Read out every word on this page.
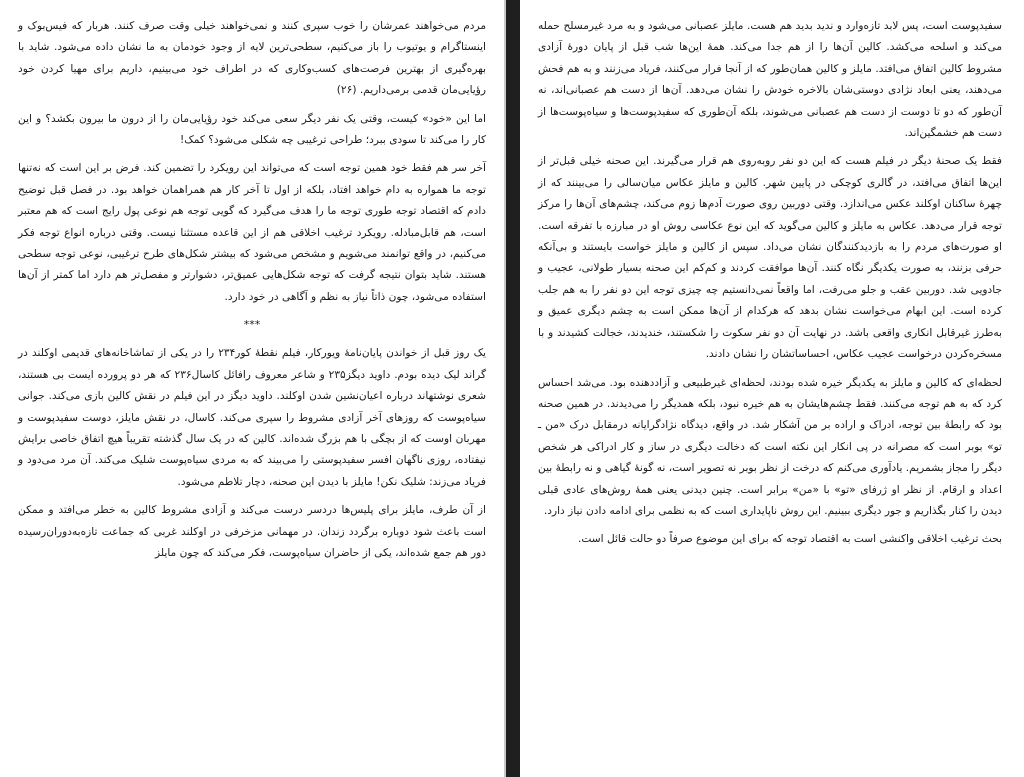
مردم می‌خواهند عمرشان را خوب سپری کنند و نمی‌خواهند خیلی وقت صرف کنند. هربار که فیس‌بوک و اینستاگرام و یوتیوب را باز می‌کنیم، سطحی‌ترین لایه از وجود خودمان به ما نشان داده می‌شود. شاید با بهره‌گیری از بهترین فرصت‌های کسب‌وکاری که در اطراف خود می‌بینیم، داریم برای مهیا کردن خود رؤیایی‌مان قدمی برمی‌داریم. (۲۶)

اما این «خود» کیست، وقتی یک نفر دیگر سعی می‌کند خود رؤیایی‌مان را از درون ما بیرون بکشد؟ و این کار را می‌کند تا سودی ببرد؛ طراحی ترغیبی چه شکلی می‌شود؟ کمک!

آخر سر هم فقط خود همین توجه است که می‌تواند این رویکرد را تضمین کند. فرض بر این است که نه‌تنها توجه ما همواره به دام خواهد افتاد، بلکه از اول تا آخر کار هم همراهمان خواهد بود. در فصل قبل توضیح دادم که اقتصاد توجه طوری توجه ما را هدف می‌گیرد که گویی توجه هم نوعی پول رایج است که هم معتبر است، هم قابل‌مبادله. رویکرد ترغیب اخلاقی هم از این قاعده مستثنا نیست. وقتی درباره انواع توجه فکر می‌کنیم، در واقع توانمند می‌شویم و مشخص می‌شود که بیشتر شکل‌های طرح ترغیبی، نوعی توجه سطحی هستند. شاید بتوان نتیجه گرفت که توجه شکل‌هایی عمیق‌تر، دشوارتر و مفصل‌تر هم دارد اما کمتر از آن‌ها استفاده می‌شود، چون ذاتاً نیاز به نظم و آگاهی در خود دارد.

***

یک روز قبل از خواندن پایان‌نامهٔ ویورکار، فیلم نقطهٔ کور۲۳۴ را در یکی از تماشاخانه‌های قدیمی اوکلند در گراند لیک دیده بودم. داوید دیگز۲۳۵ و شاعر معروف رافائل کاسال۲۳۶ که هر دو پرورده ایست بی هستند، شعری نوشتهاند درباره اعیان‌نشین شدن اوکلند. داوید دیگز در این فیلم در نقش کالین بازی می‌کند. جوانی سیاه‌پوست که روزهای آخر آزادی مشروط را سپری می‌کند. کاسال، در نقش مایلز، دوست سفیدپوست و مهربان اوست که از بچگی با هم بزرگ شده‌اند. کالین که در یک سال گذشته تقریباً هیچ اتفاق خاصی برایش نیفتاده، روزی ناگهان افسر سفیدپوستی را می‌بیند که به مردی سیاه‌پوست شلیک می‌کند. آن مرد می‌دود و فریاد می‌زند: شلیک نکن! مایلز با دیدن این صحنه، دچار تلاطم می‌شود.

از آن طرف، مایلز برای پلیس‌ها دردسر درست می‌کند و آزادی مشروط کالین به خطر می‌افتد و ممکن است باعث شود دوباره برگردد زندان. در مهمانی مزخرفی در اوکلند غربی که جماعت تازه‌به‌دوران‌رسیده دور هم جمع شده‌اند، یکی از حاضران سیاه‌پوست، فکر می‌کند که چون مایلز

سفیدپوست است، پس لابد تازه‌وارد و ندید بدید هم هست. مایلز عصبانی می‌شود و به مرد غیرمسلح حمله می‌کند و اسلحه می‌کشد. کالین آن‌ها را از هم جدا می‌کند. همهٔ این‌ها شب قبل از پایان دورهٔ آزادی مشروط کالین اتفاق می‌افتد. مایلز و کالین همان‌طور که از آنجا فرار می‌کنند، فریاد می‌زنند و به هم فحش می‌دهند، یعنی ابعاد نژادی دوستی‌شان بالاخره خودش را نشان می‌دهد. آن‌ها از دست هم عصبانی‌اند، نه آن‌طور که دو تا دوست از دست هم عصبانی می‌شوند، بلکه آن‌طوری که سفیدپوست‌ها و سیاه‌پوست‌ها از دست هم خشمگین‌اند.

فقط یک صحنهٔ دیگر در فیلم هست که این دو نفر روبه‌روی هم قرار می‌گیرند. این صحنه خیلی قبل‌تر از این‌ها اتفاق می‌افتد، در گالری کوچکی در پایین شهر. کالین و مایلز عکاس میان‌سالی را می‌بینند که از چهرهٔ ساکنان اوکلند عکس می‌اندازد. وقتی دوربین روی صورت آدم‌ها زوم می‌کند، چشم‌های آن‌ها را مرکز توجه قرار می‌دهد. عکاس به مایلز و کالین می‌گوید که این نوع عکاسی روش او در مبارزه با تفرقه است. او صورت‌های مردم را به بازدیدکنندگان نشان می‌داد. سپس از کالین و مایلز خواست بایستند و بی‌آنکه حرفی بزنند، به صورت یکدیگر نگاه کنند. آن‌ها موافقت کردند و کم‌کم این صحنه بسیار طولانی، عجیب و جادویی شد. دوربین عقب و جلو می‌رفت، اما واقعاً نمی‌دانستیم چه چیزی توجه این دو نفر را به هم جلب کرده است. این ابهام می‌خواست نشان بدهد که هرکدام از آن‌ها ممکن است به چشم دیگری عمیق و به‌طرز غیرقابل انکاری واقعی باشد. در نهایت آن دو نفر سکوت را شکستند، خندیدند، خجالت کشیدند و با مسخره‌کردن درخواست عجیب عکاس، احساساتشان را نشان دادند.

لحظه‌ای که کالین و مایلز به یکدیگر خیره شده بودند، لحظه‌ای غیرطبیعی و آزاددهنده بود. می‌شد احساس کرد که به هم توجه می‌کنند. فقط چشم‌هایشان به هم خیره نبود، بلکه همدیگر را می‌دیدند. در همین صحنه بود که رابطهٔ بین توجه، ادراک و اراده بر من آشکار شد. در واقع، دیدگاه نژادگرایانه درمقابل درک «من ـ تو» بوبر است که مصرانه در پی انکار این نکته است که دخالت دیگری در ساز و کار ادراکی هر شخص دیگر را مجاز بشمریم. یادآوری می‌کنم که درخت از نظر بوبر نه تصویر است، نه گونهٔ گیاهی و نه رابطهٔ بین اعداد و ارقام. از نظر او ژرفای «تو» با «من» برابر است. چنین دیدنی یعنی همهٔ روش‌های عادی قبلی دیدن را کنار بگذاریم و جور دیگری ببینیم. این روش ناپایداری است که به نظمی برای ادامه دادن نیاز دارد.

بحث ترغیب اخلاقی واکنشی است به اقتصاد توجه که برای این موضوع صرفاً دو حالت قائل است.
